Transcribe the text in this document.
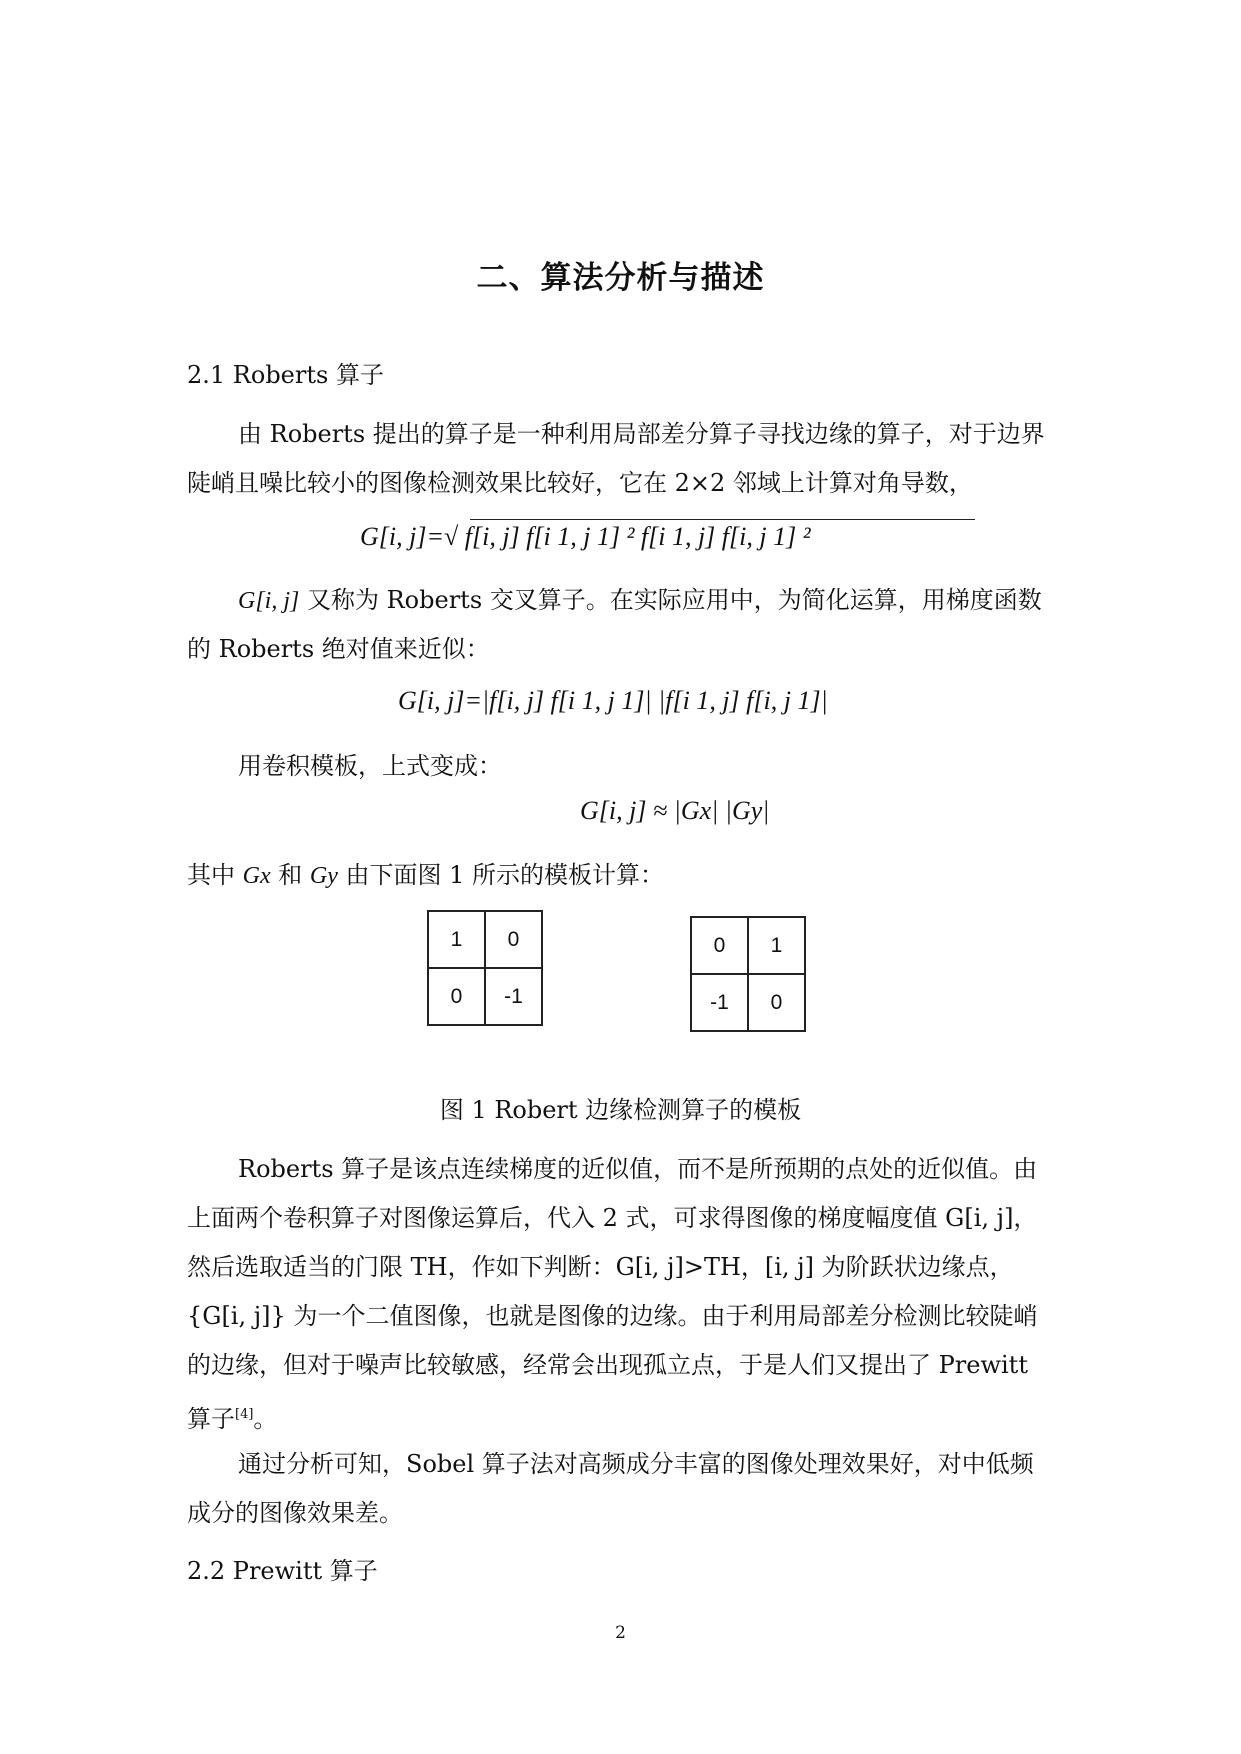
二、算法分析与描述
2.1 Roberts 算子
由 Roberts 提出的算子是一种利用局部差分算子寻找边缘的算子，对于边界
陡峭且噪比较小的图像检测效果比较好，它在 2×2 邻域上计算对角导数，
G[i, j]=√ f[i, j] f[i 1, j 1] ² f[i 1, j] f[i, j 1] ²
G[i, j] 又称为 Roberts 交叉算子。在实际应用中，为简化运算，用梯度函数
的 Roberts 绝对值来近似：
G[i, j]=|f[i, j] f[i 1, j 1]| |f[i 1, j] f[i, j 1]|
用卷积模板，上式变成：
G[i, j] ≈ |Gx| |Gy|
其中 Gx 和 Gy 由下面图 1 所示的模板计算：
1	0
0	-1
0	1
-1	0
图 1 Robert 边缘检测算子的模板
Roberts 算子是该点连续梯度的近似值，而不是所预期的点处的近似值。由
上面两个卷积算子对图像运算后，代入 2 式，可求得图像的梯度幅度值 G[i, j]，
然后选取适当的门限 TH，作如下判断：G[i, j]>TH，[i, j] 为阶跃状边缘点，
{G[i, j]} 为一个二值图像，也就是图像的边缘。由于利用局部差分检测比较陡峭
的边缘，但对于噪声比较敏感，经常会出现孤立点，于是人们又提出了 Prewitt
算子[4]。
通过分析可知，Sobel 算子法对高频成分丰富的图像处理效果好，对中低频
成分的图像效果差。
2.2 Prewitt 算子
2
